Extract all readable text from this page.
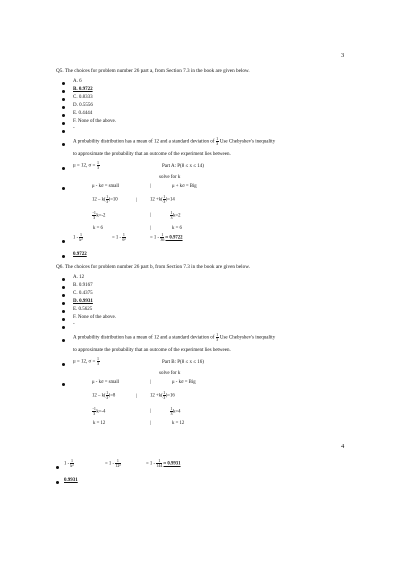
3
Q5. The choices for problem number 26 part a, from Section 7.3 in the book are given below.
A. 6
B. 0.9722
C. 0.8333
D. 0.5556
E. 0.4444
F. None of the above.
-
A probability distribution has a mean of 12 and a standard deviation of $\frac{1}{3}$ Use Chebyshev's inequality
to approximate the probability that an outcome of the experiment lies between.
μ = 12, $\sigma = \frac{1}{3}$	Part A: P(8 ≤ x ≤ 14)
solve for k
μ - kσ = small	|	μ + kσ = Big
$12 - k( \frac{1}{3} )=10$	|	$12 +k( \frac{1}{3} )=14$
$\frac{-1}{3} k=-2$	|	$\frac{1}{3} k=2$
k = 6	|	k = 6
$1 - \frac{1}{\text{k²}}$	= $1 - \frac{1}{\text{6²}}$	= $1 - \frac{1}{36} \approx 0.9722$
0.9722
Q6. The choices for problem number 26 part b, from Section 7.3 in the book are given below.
A. 12
B. 0.9167
C. 0.4375
D. 0.9931
E. 0.5625
F. None of the above.
-
A probability distribution has a mean of 12 and a standard deviation of $\frac{1}{3}$ Use Chebyshev's inequality
to approximate the probability that an outcome of the experiment lies between.
μ = 12, $\sigma = \frac{1}{3}$	Part B: P(8 ≤ x ≤ 16)
solve for k
μ - kσ = small	|	μ - kσ = Big
$12 - k( \frac{1}{3} )=8$	|	$12 +k( \frac{1}{3} )=16$
$\frac{-1}{3} k=-4$	|	$\frac{1}{3} k=4$
k = 12	|	k = 12
4
$1 - \frac{1}{\text{k²}}$	= $1 - \frac{1}{\text{12²}}$	= $1 - \frac{1}{144} \approx 0.9931$
0.9931
